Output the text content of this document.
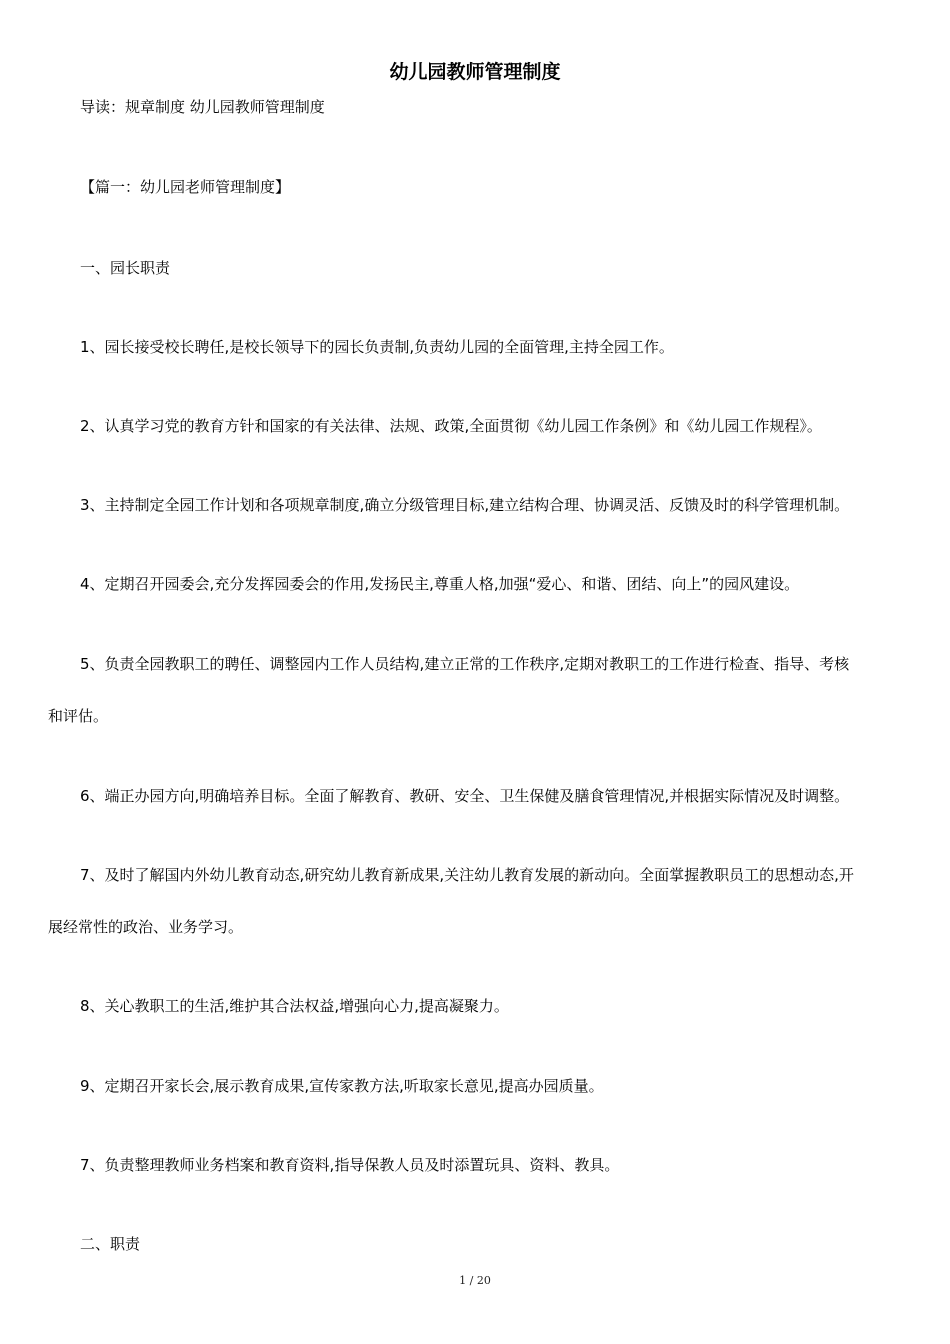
幼儿园教师管理制度
导读：规章制度 幼儿园教师管理制度
【篇一：幼儿园老师管理制度】
一、园长职责
1、园长接受校长聘任,是校长领导下的园长负责制,负责幼儿园的全面管理,主持全园工作。
2、认真学习党的教育方针和国家的有关法律、法规、政策,全面贯彻《幼儿园工作条例》和《幼儿园工作规程》。
3、主持制定全园工作计划和各项规章制度,确立分级管理目标,建立结构合理、协调灵活、反馈及时的科学管理机制。
4、定期召开园委会,充分发挥园委会的作用,发扬民主,尊重人格,加强“爱心、和谐、团结、向上”的园风建设。
5、负责全园教职工的聘任、调整园内工作人员结构,建立正常的工作秩序,定期对教职工的工作进行检查、指导、考核
和评估。
6、端正办园方向,明确培养目标。全面了解教育、教研、安全、卫生保健及膳食管理情况,并根据实际情况及时调整。
7、及时了解国内外幼儿教育动态,研究幼儿教育新成果,关注幼儿教育发展的新动向。全面掌握教职员工的思想动态,开
展经常性的政治、业务学习。
8、关心教职工的生活,维护其合法权益,增强向心力,提高凝聚力。
9、定期召开家长会,展示教育成果,宣传家教方法,听取家长意见,提高办园质量。
7、负责整理教师业务档案和教育资料,指导保教人员及时添置玩具、资料、教具。
二、职责
1 / 20
